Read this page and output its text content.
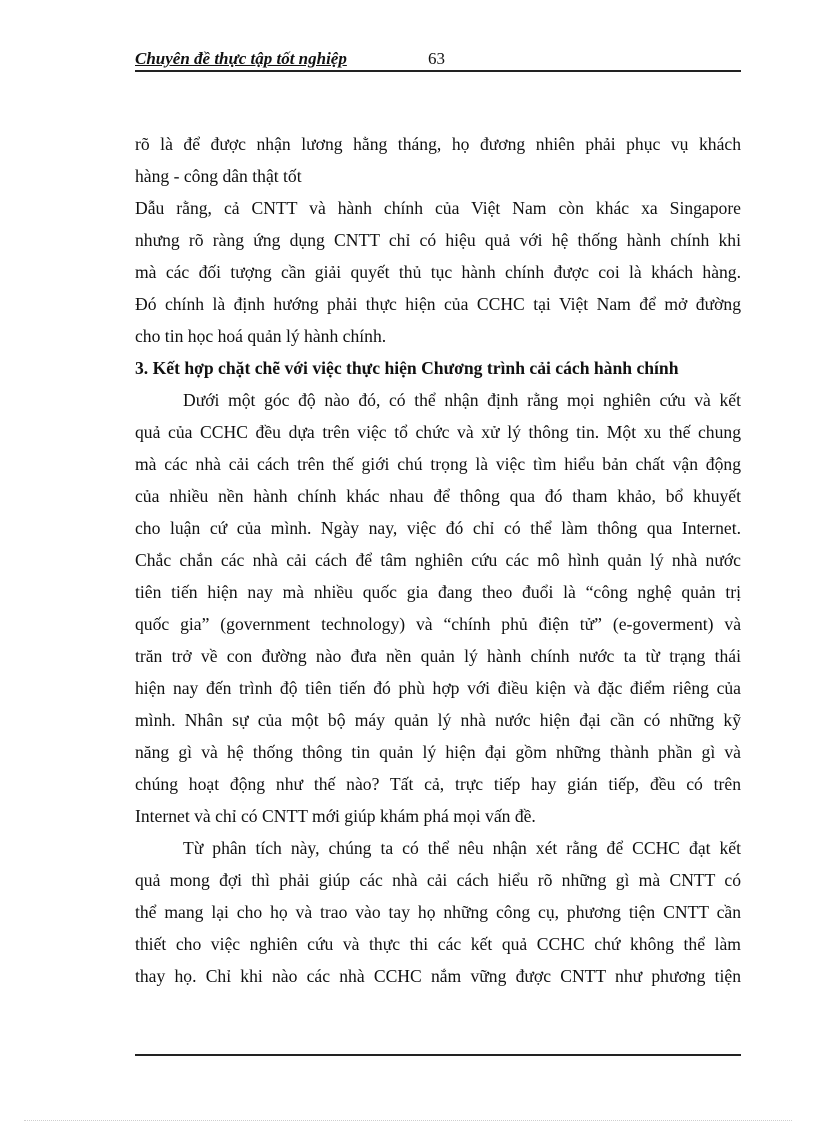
Chuyên đề thực tập tốt nghiệp	63
rõ là để được nhận lương hằng tháng, họ đương nhiên phải phục vụ khách
hàng - công dân thật tốt
Dẫu rằng, cả CNTT và hành chính của Việt Nam còn khác xa Singapore
nhưng rõ ràng ứng dụng CNTT chỉ có hiệu quả với hệ thống hành chính khi
mà các đối tượng cần giải quyết thủ tục hành chính được coi là khách hàng.
Đó chính là định hướng phải thực hiện của CCHC tại Việt Nam để mở đường
cho tin học hoá quản lý hành chính.
3. Kết hợp chặt chẽ với việc thực hiện Chương trình cải cách hành chính
Dưới một góc độ nào đó, có thể nhận định rằng mọi nghiên cứu và kết
quả của CCHC đều dựa trên việc tổ chức và xử lý thông tin. Một xu thế chung
mà các nhà cải cách trên thế giới chú trọng là việc tìm hiểu bản chất vận động
của nhiều nền hành chính khác nhau để thông qua đó tham khảo, bổ khuyết
cho luận cứ của mình. Ngày nay, việc đó chỉ có thể làm thông qua Internet.
Chắc chắn các nhà cải cách để tâm nghiên cứu các mô hình quản lý nhà nước
tiên tiến hiện nay mà nhiều quốc gia đang theo đuổi là “công nghệ quản trị
quốc gia” (government technology) và “chính phủ điện tử” (e-goverment) và
trăn trở về con đường nào đưa nền quản lý hành chính nước ta từ trạng thái
hiện nay đến trình độ tiên tiến đó phù hợp với điều kiện và đặc điểm riêng của
mình. Nhân sự của một bộ máy quản lý nhà nước hiện đại cần có những kỹ
năng gì và hệ thống thông tin quản lý hiện đại gồm những thành phần gì và
chúng hoạt động như thế nào? Tất cả, trực tiếp hay gián tiếp, đều có trên
Internet và chỉ có CNTT mới giúp khám phá mọi vấn đề.
Từ phân tích này, chúng ta có thể nêu nhận xét rằng để CCHC đạt kết
quả mong đợi thì phải giúp các nhà cải cách hiểu rõ những gì mà CNTT có
thể mang lại cho họ và trao vào tay họ những công cụ, phương tiện CNTT cần
thiết cho việc nghiên cứu và thực thi các kết quả CCHC chứ không thể làm
thay họ. Chỉ khi nào các nhà CCHC nắm vững được CNTT như phương tiện
